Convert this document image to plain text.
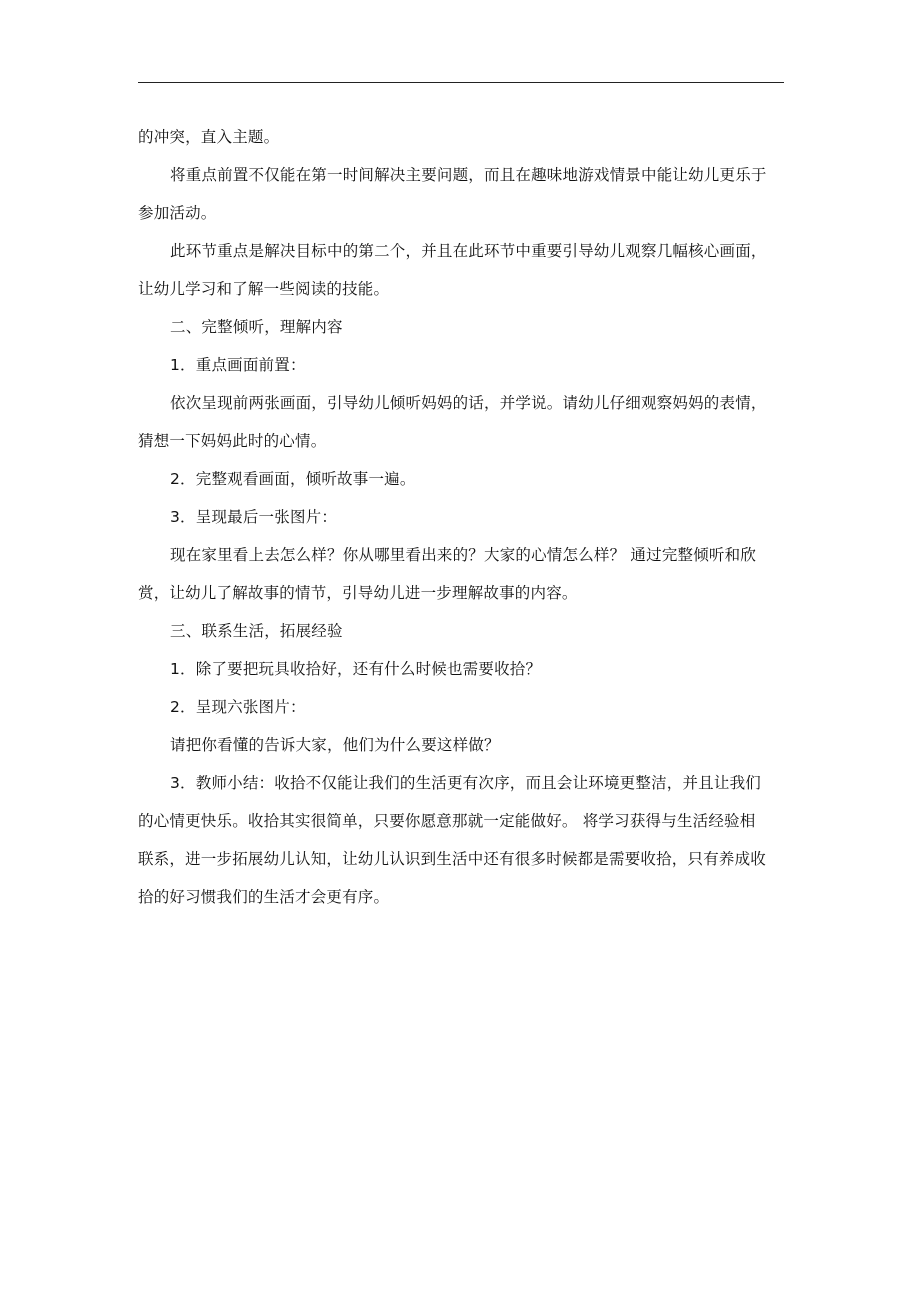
的冲突，直入主题。
将重点前置不仅能在第一时间解决主要问题，而且在趣味地游戏情景中能让幼儿更乐于
参加活动。
此环节重点是解决目标中的第二个，并且在此环节中重要引导幼儿观察几幅核心画面，
让幼儿学习和了解一些阅读的技能。
二、完整倾听，理解内容
1．重点画面前置：
依次呈现前两张画面，引导幼儿倾听妈妈的话，并学说。请幼儿仔细观察妈妈的表情，
猜想一下妈妈此时的心情。
2．完整观看画面，倾听故事一遍。
3．呈现最后一张图片：
现在家里看上去怎么样？你从哪里看出来的？大家的心情怎么样？ 通过完整倾听和欣
赏，让幼儿了解故事的情节，引导幼儿进一步理解故事的内容。
三、联系生活，拓展经验
1．除了要把玩具收拾好，还有什么时候也需要收拾？
2．呈现六张图片：
请把你看懂的告诉大家，他们为什么要这样做？
3．教师小结：收拾不仅能让我们的生活更有次序，而且会让环境更整洁，并且让我们
的心情更快乐。收拾其实很简单，只要你愿意那就一定能做好。 将学习获得与生活经验相
联系，进一步拓展幼儿认知，让幼儿认识到生活中还有很多时候都是需要收拾，只有养成收
拾的好习惯我们的生活才会更有序。
